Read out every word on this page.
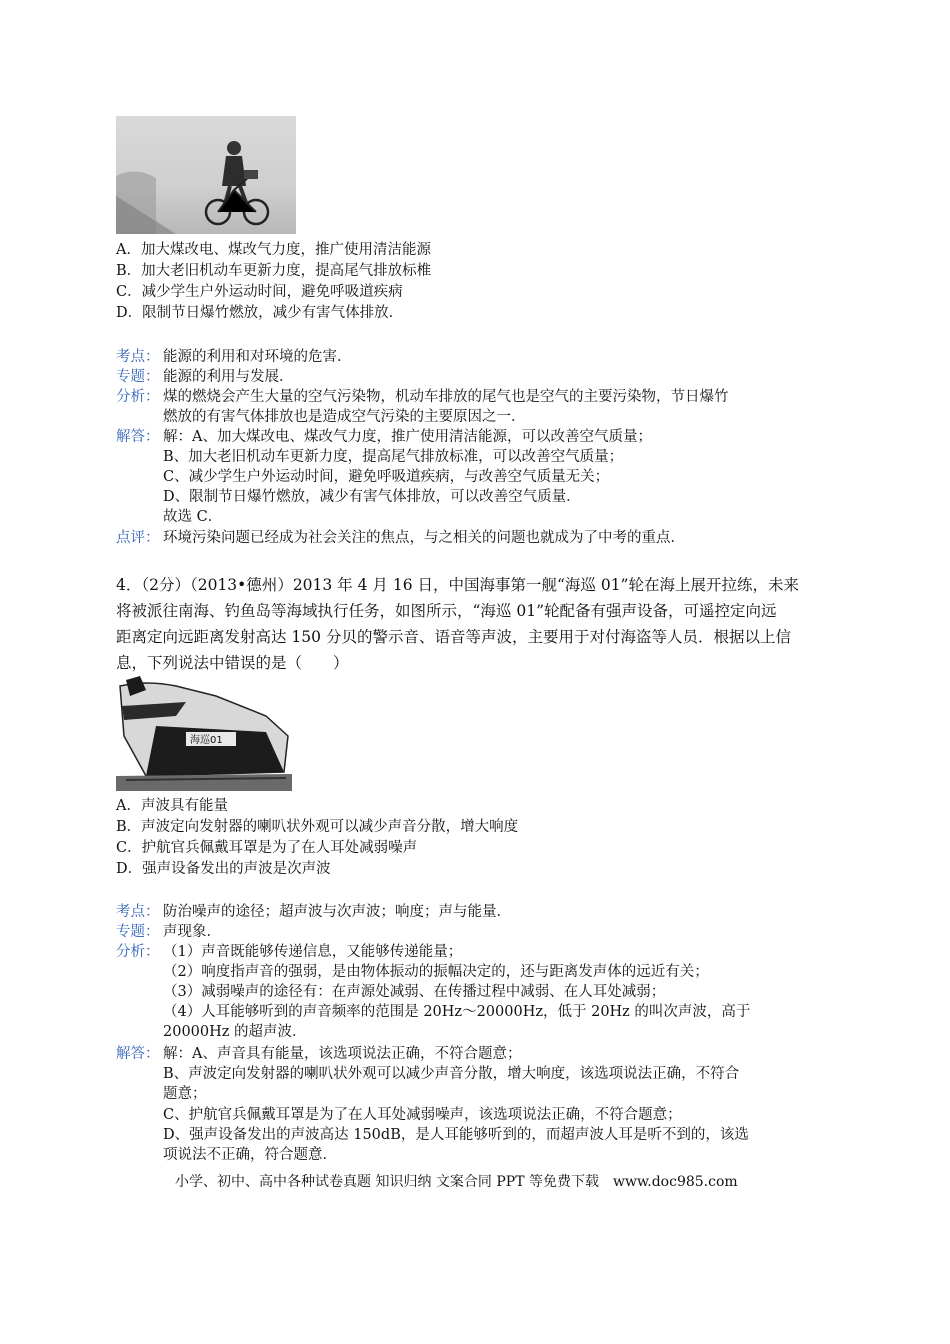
A．加大煤改电、煤改气力度，推广使用清洁能源
B．加大老旧机动车更新力度，提高尾气排放标椎
C．减少学生户外运动时间，避免呼吸道疾病
D．限制节日爆竹燃放，减少有害气体排放．
考点： 能源的利用和对环境的危害．
专题： 能源的利用与发展．
分析： 煤的燃烧会产生大量的空气污染物，机动车排放的尾气也是空气的主要污染物，节日爆竹
燃放的有害气体排放也是造成空气污染的主要原因之一．
解答： 解：A、加大煤改电、煤改气力度，推广使用清洁能源，可以改善空气质量；
B、加大老旧机动车更新力度，提高尾气排放标准，可以改善空气质量；
C、减少学生户外运动时间，避免呼吸道疾病，与改善空气质量无关；
D、限制节日爆竹燃放，减少有害气体排放，可以改善空气质量．
故选 C．
点评： 环境污染问题已经成为社会关注的焦点，与之相关的问题也就成为了中考的重点．
4．（2分）（2013•德州）2013 年 4 月 16 日，中国海事第一舰“海巡 01”轮在海上展开拉练，未来
将被派往南海、钓鱼岛等海域执行任务，如图所示，“海巡 01”轮配备有强声设备，可遥控定向远
距离定向远距离发射高达 150 分贝的警示音、语音等声波，主要用于对付海盗等人员．根据以上信
息，下列说法中错误的是（　　）
海巡01
A．声波具有能量
B．声波定向发射器的喇叭状外观可以减少声音分散，增大响度
C．护航官兵佩戴耳罩是为了在人耳处减弱噪声
D．强声设备发出的声波是次声波
考点： 防治噪声的途径；超声波与次声波；响度；声与能量．
专题： 声现象．
分析： （1）声音既能够传递信息，又能够传递能量；
（2）响度指声音的强弱，是由物体振动的振幅决定的，还与距离发声体的远近有关；
（3）减弱噪声的途径有：在声源处减弱、在传播过程中减弱、在人耳处减弱；
（4）人耳能够听到的声音频率的范围是 20Hz～20000Hz，低于 20Hz 的叫次声波，高于
20000Hz 的超声波．
解答： 解：A、声音具有能量，该选项说法正确，不符合题意；
B、声波定向发射器的喇叭状外观可以减少声音分散，增大响度，该选项说法正确，不符合
题意；
C、护航官兵佩戴耳罩是为了在人耳处减弱噪声，该选项说法正确，不符合题意；
D、强声设备发出的声波高达 150dB，是人耳能够听到的，而超声波人耳是听不到的，该选
项说法不正确，符合题意．
小学、初中、高中各种试卷真题 知识归纳 文案合同 PPT 等免费下载　www.doc985.com
